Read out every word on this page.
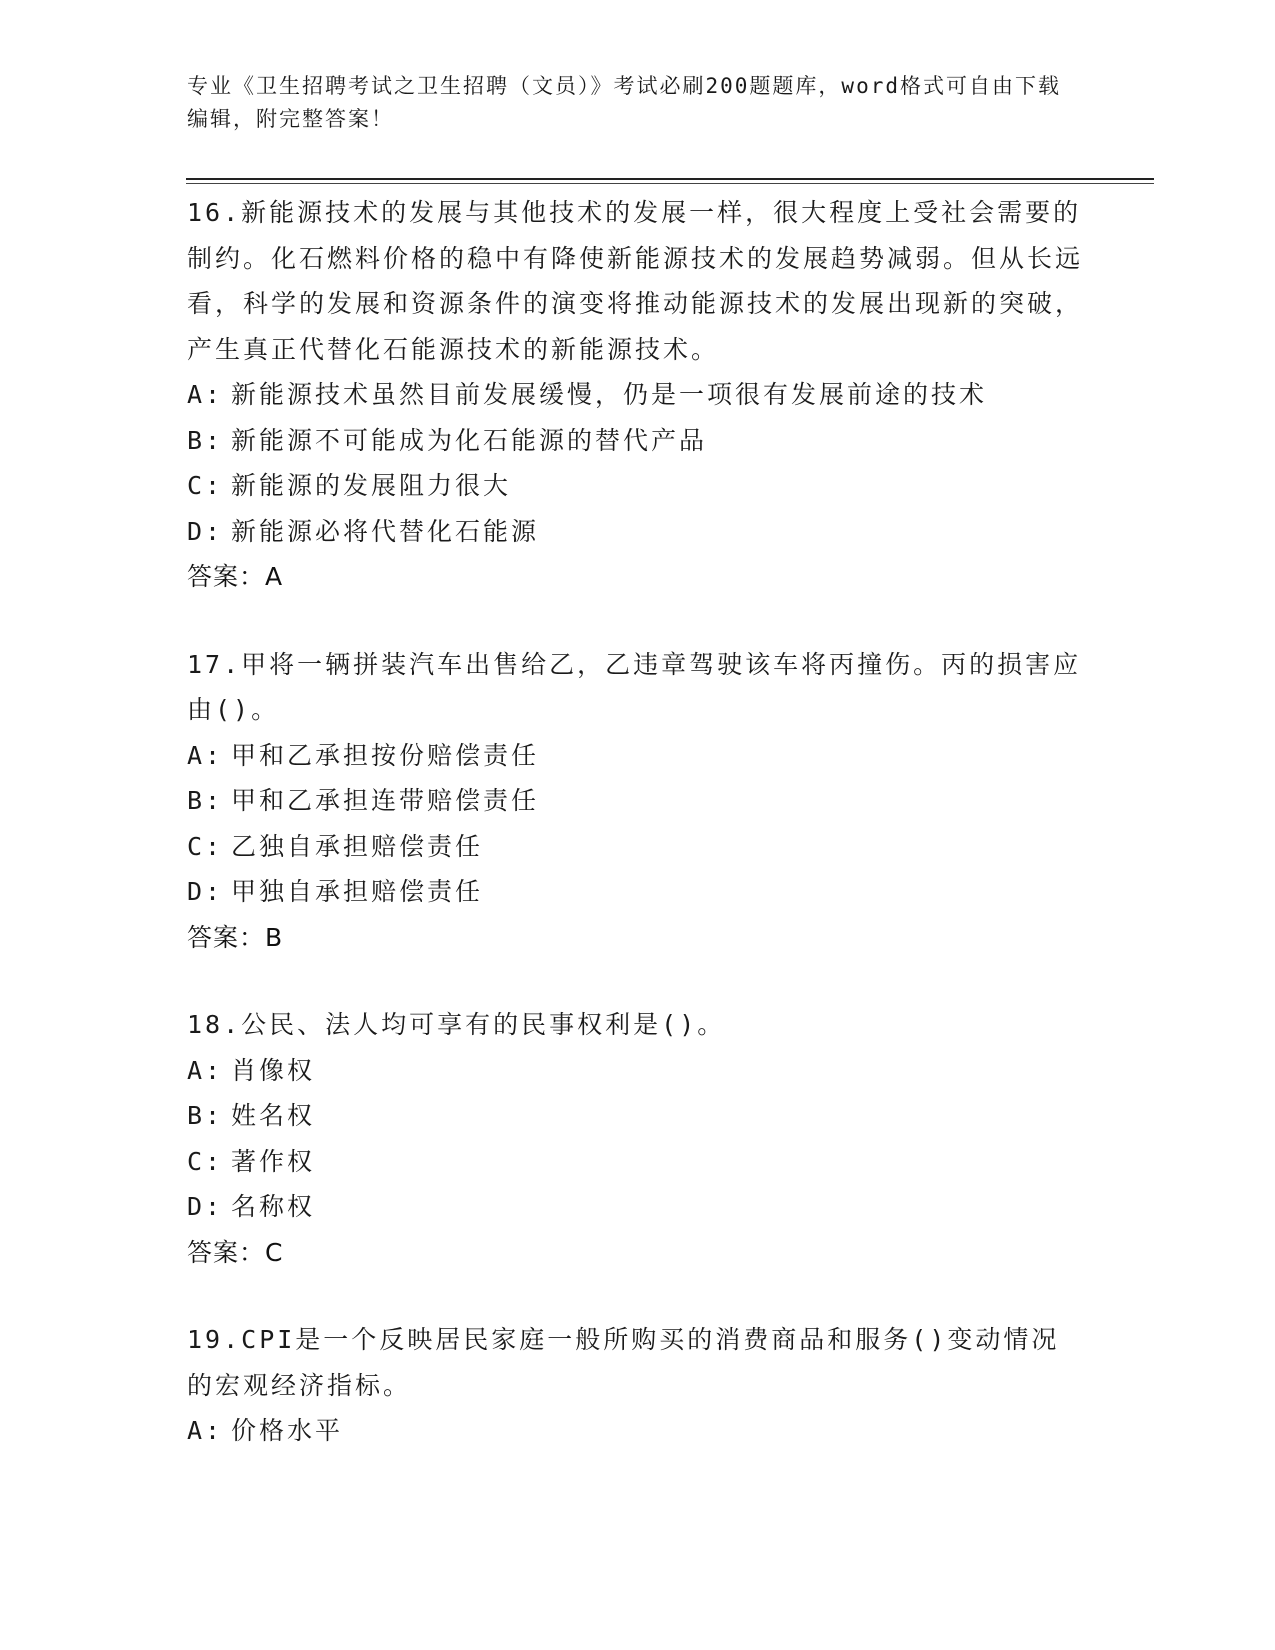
专业《卫生招聘考试之卫生招聘（文员）》考试必刷200题题库，word格式可自由下载编辑，附完整答案！

16.新能源技术的发展与其他技术的发展一样，很大程度上受社会需要的制约。化石燃料价格的稳中有降使新能源技术的发展趋势减弱。但从长远看，科学的发展和资源条件的演变将推动能源技术的发展出现新的突破，产生真正代替化石能源技术的新能源技术。

A: 新能源技术虽然目前发展缓慢，仍是一项很有发展前途的技术

B: 新能源不可能成为化石能源的替代产品

C: 新能源的发展阻力很大

D: 新能源必将代替化石能源

答案：A

17.甲将一辆拼装汽车出售给乙，乙违章驾驶该车将丙撞伤。丙的损害应由()。

A: 甲和乙承担按份赔偿责任

B: 甲和乙承担连带赔偿责任

C: 乙独自承担赔偿责任

D: 甲独自承担赔偿责任

答案：B

18.公民、法人均可享有的民事权利是()。

A: 肖像权

B: 姓名权

C: 著作权

D: 名称权

答案：C

19.CPI是一个反映居民家庭一般所购买的消费商品和服务()变动情况的宏观经济指标。

A: 价格水平
